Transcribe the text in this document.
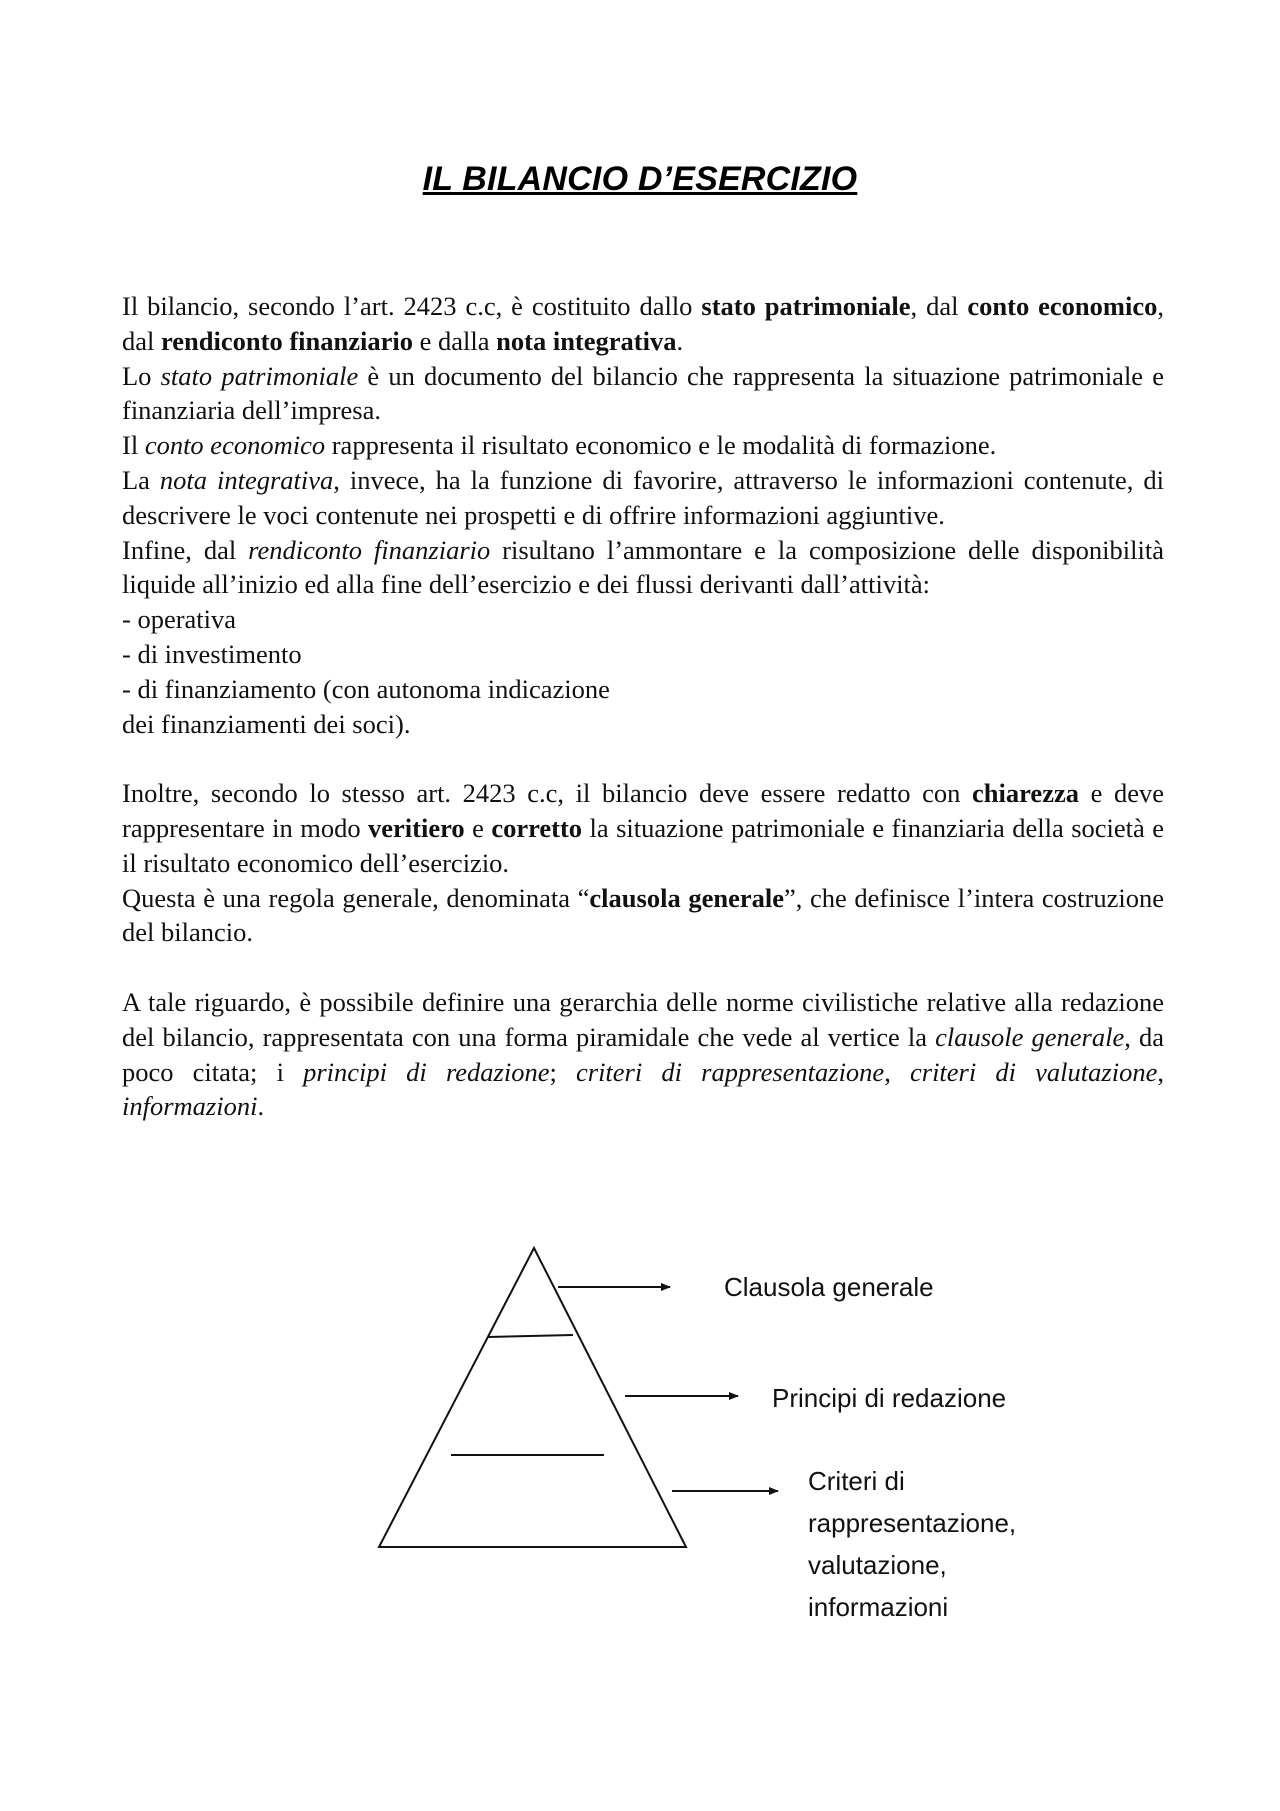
IL BILANCIO D’ESERCIZIO

Il bilancio, secondo l’art. 2423 c.c, è costituito dallo stato patrimoniale, dal conto economico, dal rendiconto finanziario e dalla nota integrativa.

Lo stato patrimoniale è un documento del bilancio che rappresenta la situazione patrimoniale e finanziaria dell’impresa.

Il conto economico rappresenta il risultato economico e le modalità di formazione.

La nota integrativa, invece, ha la funzione di favorire, attraverso le informazioni contenute, di descrivere le voci contenute nei prospetti e di offrire informazioni aggiuntive.

Infine, dal rendiconto finanziario risultano l’ammontare e la composizione delle disponibilità liquide all’inizio ed alla fine dell’esercizio e dei flussi derivanti dall’attività:

- operativa

- di investimento

- di finanziamento (con autonoma indicazione

dei finanziamenti dei soci).

Inoltre, secondo lo stesso art. 2423 c.c, il bilancio deve essere redatto con chiarezza e deve rappresentare in modo veritiero e corretto la situazione patrimoniale e finanziaria della società e il risultato economico dell’esercizio.

Questa è una regola generale, denominata “clausola generale”, che definisce l’intera costruzione del bilancio.

A tale riguardo, è possibile definire una gerarchia delle norme civilistiche relative alla redazione del bilancio, rappresentata con una forma piramidale che vede al vertice la clausole generale, da poco citata; i principi di redazione; criteri di rappresentazione, criteri di valutazione, informazioni.

Clausola generale
Principi di redazione
Criteri di
rappresentazione,
valutazione,
informazioni
